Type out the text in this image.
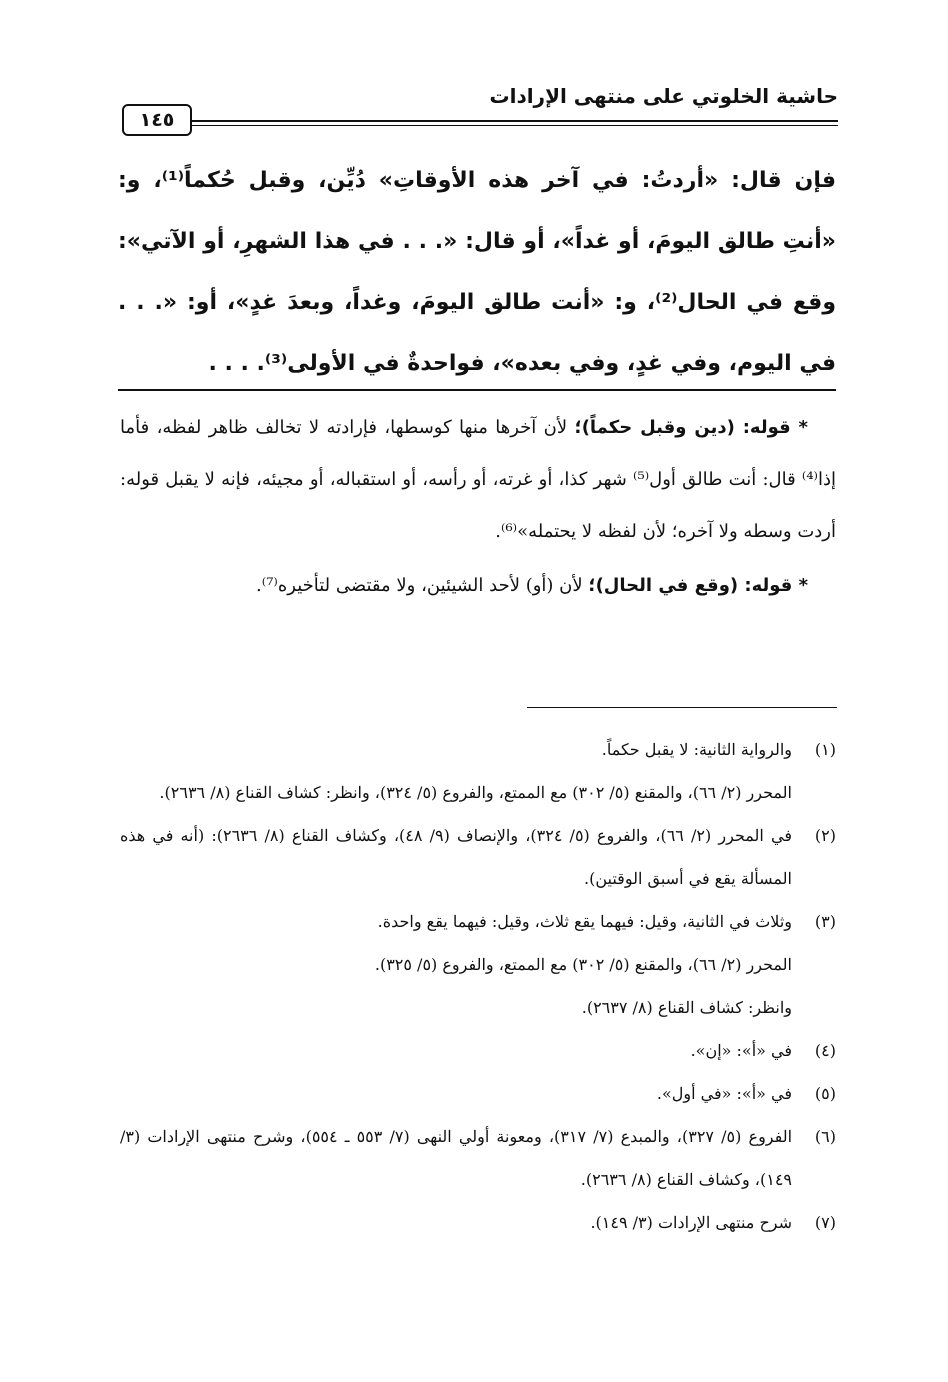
حاشية الخلوتي على منتهى الإرادات
١٤٥
فإن قال: «أردتُ: في آخر هذه الأوقاتِ» دُيِّن، وقبل حُكماً⁽¹⁾، و: «أنتِ طالق اليومَ، أو غداً»، أو قال: «. . . في هذا الشهرِ، أو الآتي»: وقع في الحال⁽²⁾، و: «أنت طالق اليومَ، وغداً، وبعدَ غدٍ»، أو: «. . . في اليوم، وفي غدٍ، وفي بعده»، فواحدةٌ في الأولى⁽³⁾. . . .

* قوله: (دين وقبل حكماً)؛ لأن آخرها منها كوسطها، فإرادته لا تخالف ظاهر لفظه، فأما إذا⁽⁴⁾ قال: أنت طالق أول⁽⁵⁾ شهر كذا، أو غرته، أو رأسه، أو استقباله، أو مجيئه، فإنه لا يقبل قوله: أردت وسطه ولا آخره؛ لأن لفظه لا يحتمله»⁽⁶⁾.

* قوله: (وقع في الحال)؛ لأن (أو) لأحد الشيئين، ولا مقتضى لتأخيره⁽⁷⁾.

(١)
والرواية الثانية: لا يقبل حكماً.
المحرر (٢/ ٦٦)، والمقنع (٥/ ٣٠٢) مع الممتع، والفروع (٥/ ٣٢٤)، وانظر: كشاف القناع (٨/ ٢٦٣٦).
(٢)
في المحرر (٢/ ٦٦)، والفروع (٥/ ٣٢٤)، والإنصاف (٩/ ٤٨)، وكشاف القناع (٨/ ٢٦٣٦): (أنه في هذه المسألة يقع في أسبق الوقتين).
(٣)
وثلاث في الثانية، وقيل: فيهما يقع ثلاث، وقيل: فيهما يقع واحدة.
المحرر (٢/ ٦٦)، والمقنع (٥/ ٣٠٢) مع الممتع، والفروع (٥/ ٣٢٥).
وانظر: كشاف القناع (٨/ ٢٦٣٧).
(٤)
في «أ»: «إن».
(٥)
في «أ»: «في أول».
(٦)
الفروع (٥/ ٣٢٧)، والمبدع (٧/ ٣١٧)، ومعونة أولي النهى (٧/ ٥٥٣ ـ ٥٥٤)، وشرح منتهى الإرادات (٣/ ١٤٩)، وكشاف القناع (٨/ ٢٦٣٦).
(٧)
شرح منتهى الإرادات (٣/ ١٤٩).
